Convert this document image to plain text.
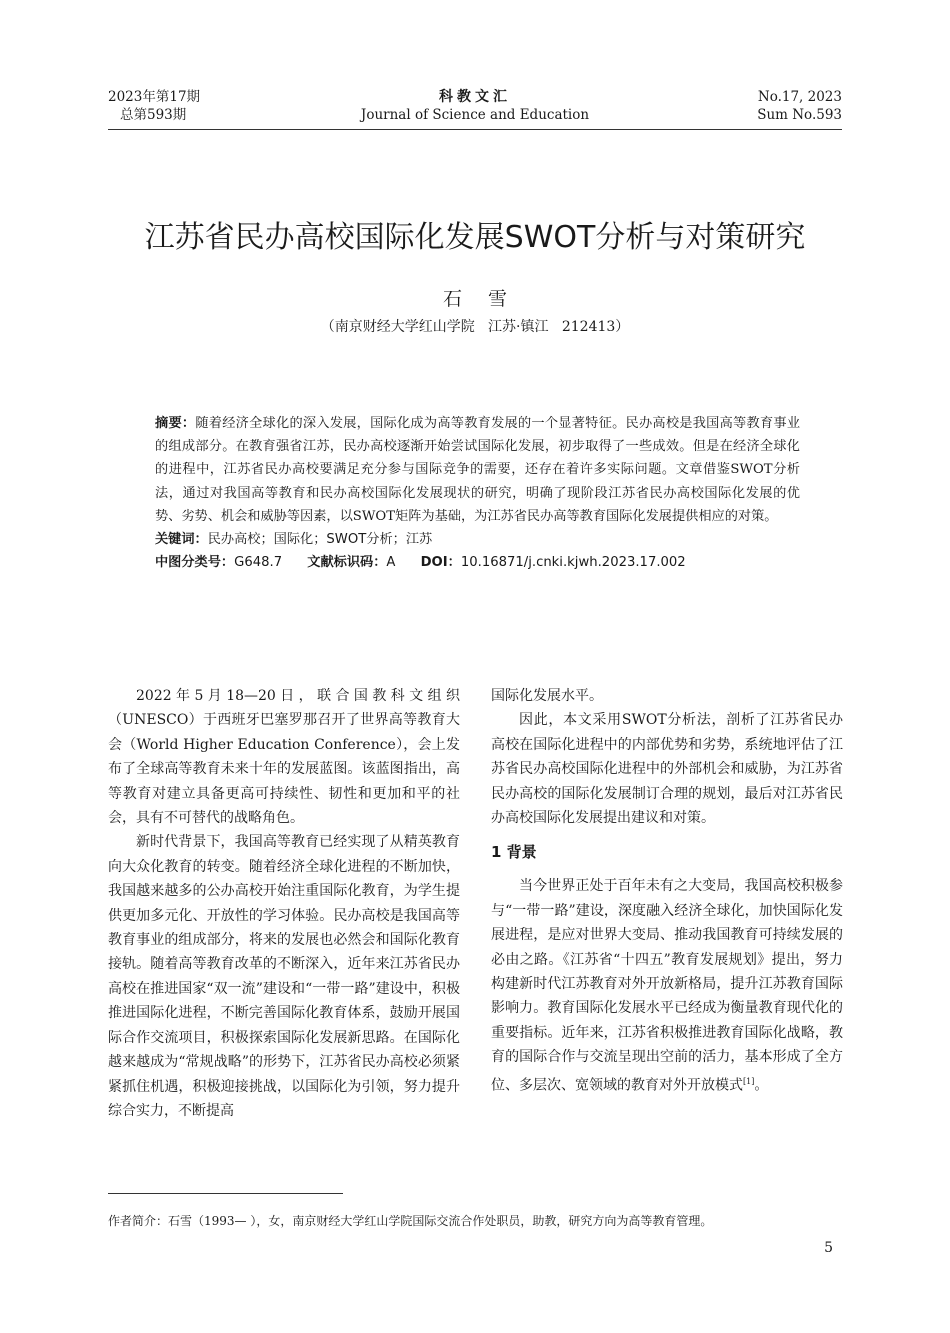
2023年第17期
总第593期
科教文汇
Journal of Science and Education
No.17, 2023
Sum No.593
江苏省民办高校国际化发展SWOT分析与对策研究
石雪
（南京财经大学红山学院   江苏·镇江   212413）

摘要：随着经济全球化的深入发展，国际化成为高等教育发展的一个显著特征。民办高校是我国高等教育事业的组成部分。在教育强省江苏，民办高校逐渐开始尝试国际化发展，初步取得了一些成效。但是在经济全球化的进程中，江苏省民办高校要满足充分参与国际竞争的需要，还存在着许多实际问题。文章借鉴SWOT分析法，通过对我国高等教育和民办高校国际化发展现状的研究，明确了现阶段江苏省民办高校国际化发展的优势、劣势、机会和威胁等因素，以SWOT矩阵为基础，为江苏省民办高等教育国际化发展提供相应的对策。

关键词：民办高校；国际化；SWOT分析；江苏
中图分类号：G648.7 文献标识码：A DOI：10.16871/j.cnki.kjwh.2023.17.002

2022年5月18—20日，联合国教科文组织（UNESCO）于西班牙巴塞罗那召开了世界高等教育大会（World Higher Education Conference），会上发布了全球高等教育未来十年的发展蓝图。该蓝图指出，高等教育对建立具备更高可持续性、韧性和更加和平的社会，具有不可替代的战略角色。

新时代背景下，我国高等教育已经实现了从精英教育向大众化教育的转变。随着经济全球化进程的不断加快，我国越来越多的公办高校开始注重国际化教育，为学生提供更加多元化、开放性的学习体验。民办高校是我国高等教育事业的组成部分，将来的发展也必然会和国际化教育接轨。随着高等教育改革的不断深入，近年来江苏省民办高校在推进国家“双一流”建设和“一带一路”建设中，积极推进国际化进程，不断完善国际化教育体系，鼓励开展国际合作交流项目，积极探索国际化发展新思路。在国际化越来越成为“常规战略”的形势下，江苏省民办高校必须紧紧抓住机遇，积极迎接挑战，以国际化为引领，努力提升综合实力，不断提高

国际化发展水平。

因此，本文采用SWOT分析法，剖析了江苏省民办高校在国际化进程中的内部优势和劣势，系统地评估了江苏省民办高校国际化进程中的外部机会和威胁，为江苏省民办高校的国际化发展制订合理的规划，最后对江苏省民办高校国际化发展提出建议和对策。

1 背景

当今世界正处于百年未有之大变局，我国高校积极参与“一带一路”建设，深度融入经济全球化，加快国际化发展进程，是应对世界大变局、推动我国教育可持续发展的必由之路。《江苏省“十四五”教育发展规划》提出，努力构建新时代江苏教育对外开放新格局，提升江苏教育国际影响力。教育国际化发展水平已经成为衡量教育现代化的重要指标。近年来，江苏省积极推进教育国际化战略，教育的国际合作与交流呈现出空前的活力，基本形成了全方位、多层次、宽领域的教育对外开放模式[1]。

作者简介：石雪（1993— ），女，南京财经大学红山学院国际交流合作处职员，助教，研究方向为高等教育管理。
5
